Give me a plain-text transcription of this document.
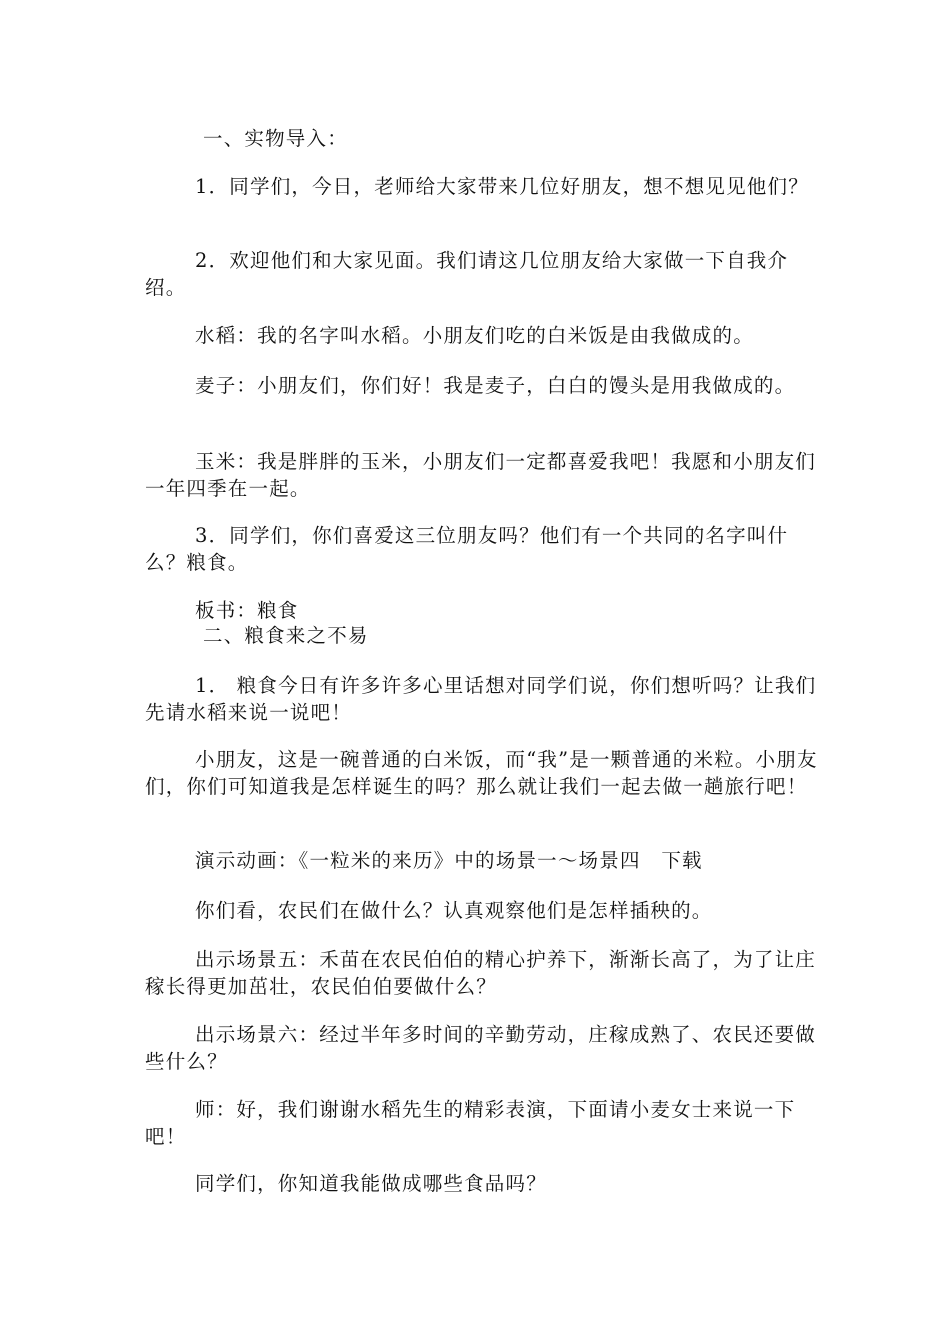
一、实物导入：

1．同学们，今日，老师给大家带来几位好朋友，想不想见见他们？

2．欢迎他们和大家见面。我们请这几位朋友给大家做一下自我介绍。

水稻：我的名字叫水稻。小朋友们吃的白米饭是由我做成的。

麦子：小朋友们，你们好！我是麦子，白白的馒头是用我做成的。

玉米：我是胖胖的玉米，小朋友们一定都喜爱我吧！我愿和小朋友们一年四季在一起。

3．同学们，你们喜爱这三位朋友吗？他们有一个共同的名字叫什么？粮食。

板书：粮食

二、粮食来之不易

1． 粮食今日有许多许多心里话想对同学们说，你们想听吗？让我们先请水稻来说一说吧！

小朋友，这是一碗普通的白米饭，而“我”是一颗普通的米粒。小朋友们，你们可知道我是怎样诞生的吗？那么就让我们一起去做一趟旅行吧！

演示动画：《一粒米的来历》中的场景一～场景四　下载

你们看，农民们在做什么？认真观察他们是怎样插秧的。

出示场景五：禾苗在农民伯伯的精心护养下，渐渐长高了，为了让庄稼长得更加茁壮，农民伯伯要做什么？

出示场景六：经过半年多时间的辛勤劳动，庄稼成熟了、农民还要做些什么？

师：好，我们谢谢水稻先生的精彩表演，下面请小麦女士来说一下吧！

同学们，你知道我能做成哪些食品吗？
